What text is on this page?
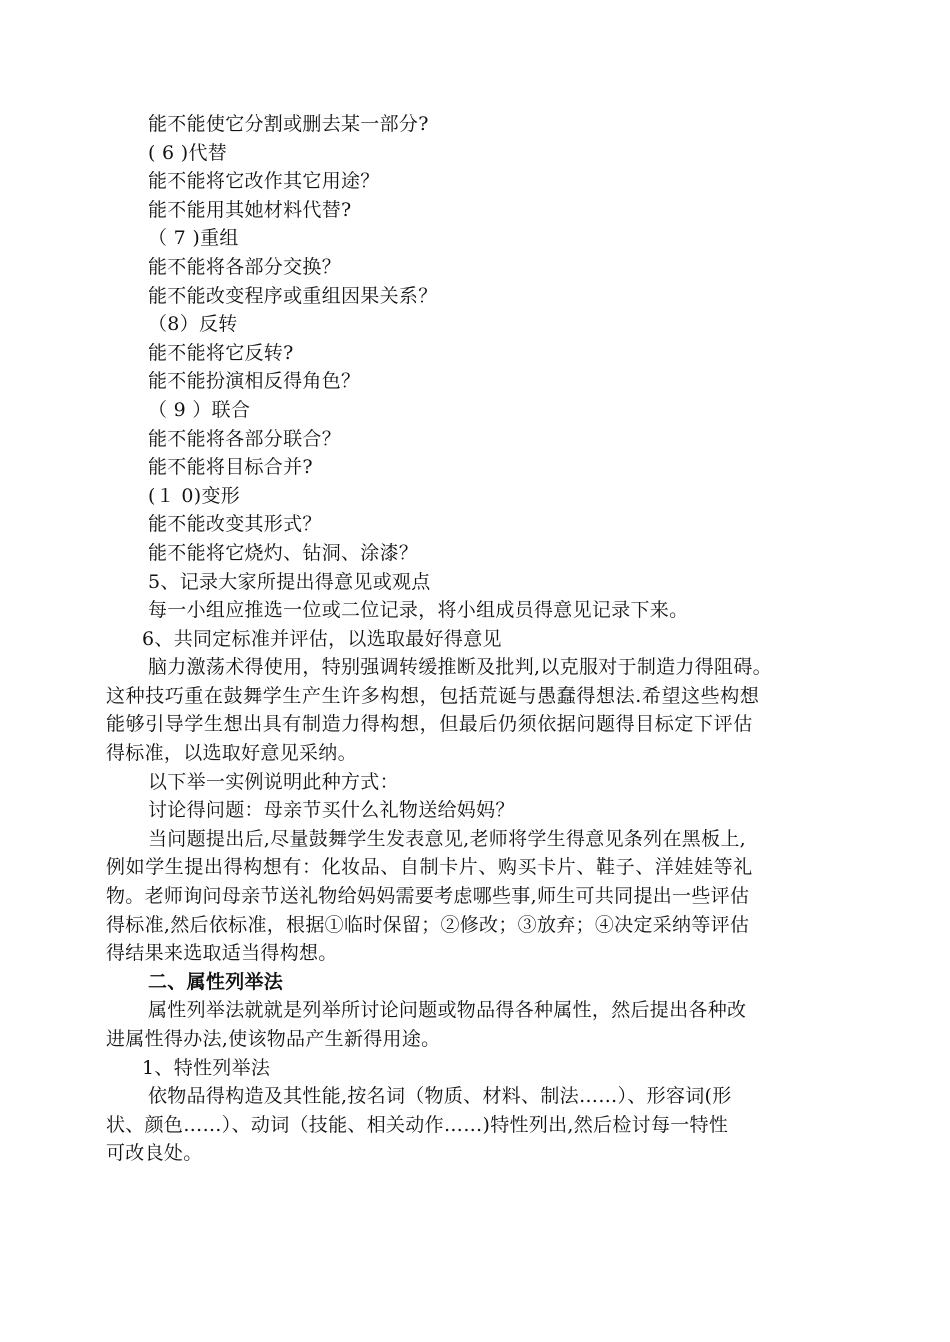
能不能使它分割或删去某一部分?
( 6 )代替
能不能将它改作其它用途？
能不能用其她材料代替?
（ 7 )重组
能不能将各部分交换？
能不能改变程序或重组因果关系？
（8）反转
能不能将它反转?
能不能扮演相反得角色？
（ 9 ）联合
能不能将各部分联合？
能不能将目标合并?
(１ 0)变形
能不能改变其形式？
能不能将它烧灼、钻洞、涂漆？
5、记录大家所提出得意见或观点
每一小组应推选一位或二位记录，将小组成员得意见记录下来。
6、共同定标准并评估，以选取最好得意见
脑力激荡术得使用，特别强调转缓推断及批判,以克服对于制造力得阻碍。
这种技巧重在鼓舞学生产生许多构想，包括荒诞与愚蠢得想法.希望这些构想
能够引导学生想出具有制造力得构想，但最后仍须依据问题得目标定下评估
得标准，以选取好意见采纳。
以下举一实例说明此种方式：
讨论得问题：母亲节买什么礼物送给妈妈？
当问题提出后,尽量鼓舞学生发表意见,老师将学生得意见条列在黑板上,
例如学生提出得构想有：化妆品、自制卡片、购买卡片、鞋子、洋娃娃等礼
物。老师询问母亲节送礼物给妈妈需要考虑哪些事,师生可共同提出一些评估
得标准,然后依标准，根据①临时保留；②修改；③放弃；④决定采纳等评估
得结果来选取适当得构想。
二、属性列举法
属性列举法就就是列举所讨论问题或物品得各种属性，然后提出各种改
进属性得办法,使该物品产生新得用途。
1、特性列举法
依物品得构造及其性能,按名词（物质、材料、制法……）、形容词(形
状、颜色……）、动词（技能、相关动作……)特性列出,然后检讨每一特性
可改良处。
